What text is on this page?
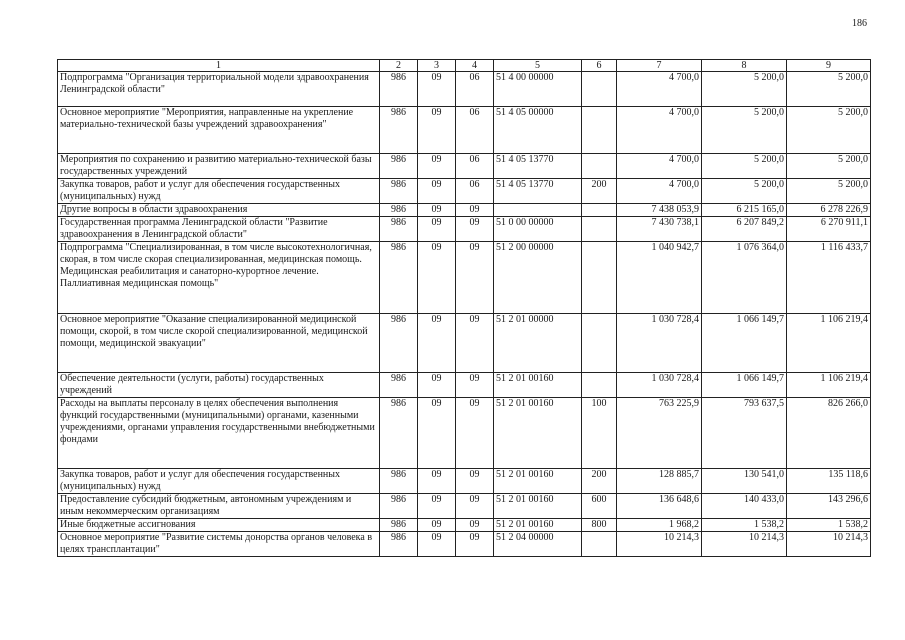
186
1	2	3	4	5	6	7	8	9
Подпрограмма "Организация территориальной модели здравоохранения Ленинградской области"	986	09	06	51 4 00 00000		4 700,0	5 200,0	5 200,0
Основное мероприятие "Мероприятия, направленные на укрепление материально-технической базы учреждений здравоохранения"	986	09	06	51 4 05 00000		4 700,0	5 200,0	5 200,0
Мероприятия по сохранению и развитию материально-технической базы государственных учреждений	986	09	06	51 4 05 13770		4 700,0	5 200,0	5 200,0
Закупка товаров, работ и услуг для обеспечения государственных (муниципальных) нужд	986	09	06	51 4 05 13770	200	4 700,0	5 200,0	5 200,0
Другие вопросы в области здравоохранения	986	09	09			7 438 053,9	6 215 165,0	6 278 226,9
Государственная программа Ленинградской области "Развитие здравоохранения в Ленинградской области"	986	09	09	51 0 00 00000		7 430 738,1	6 207 849,2	6 270 911,1
Подпрограмма "Специализированная, в том числе высокотехнологичная, скорая, в том числе скорая специализированная, медицинская помощь. Медицинская реабилитация и санаторно-курортное лечение. Паллиативная медицинская помощь"	986	09	09	51 2 00 00000		1 040 942,7	1 076 364,0	1 116 433,7
Основное мероприятие "Оказание специализированной медицинской помощи, скорой, в том числе скорой специализированной, медицинской помощи, медицинской эвакуации"	986	09	09	51 2 01 00000		1 030 728,4	1 066 149,7	1 106 219,4
Обеспечение деятельности (услуги, работы) государственных учреждений	986	09	09	51 2 01 00160		1 030 728,4	1 066 149,7	1 106 219,4
Расходы на выплаты персоналу в целях обеспечения выполнения функций государственными (муниципальными) органами, казенными учреждениями, органами управления государственными внебюджетными фондами	986	09	09	51 2 01 00160	100	763 225,9	793 637,5	826 266,0
Закупка товаров, работ и услуг для обеспечения государственных (муниципальных) нужд	986	09	09	51 2 01 00160	200	128 885,7	130 541,0	135 118,6
Предоставление субсидий бюджетным, автономным учреждениям и иным некоммерческим организациям	986	09	09	51 2 01 00160	600	136 648,6	140 433,0	143 296,6
Иные бюджетные ассигнования	986	09	09	51 2 01 00160	800	1 968,2	1 538,2	1 538,2
Основное мероприятие "Развитие системы донорства органов человека в целях трансплантации"	986	09	09	51 2 04 00000		10 214,3	10 214,3	10 214,3
